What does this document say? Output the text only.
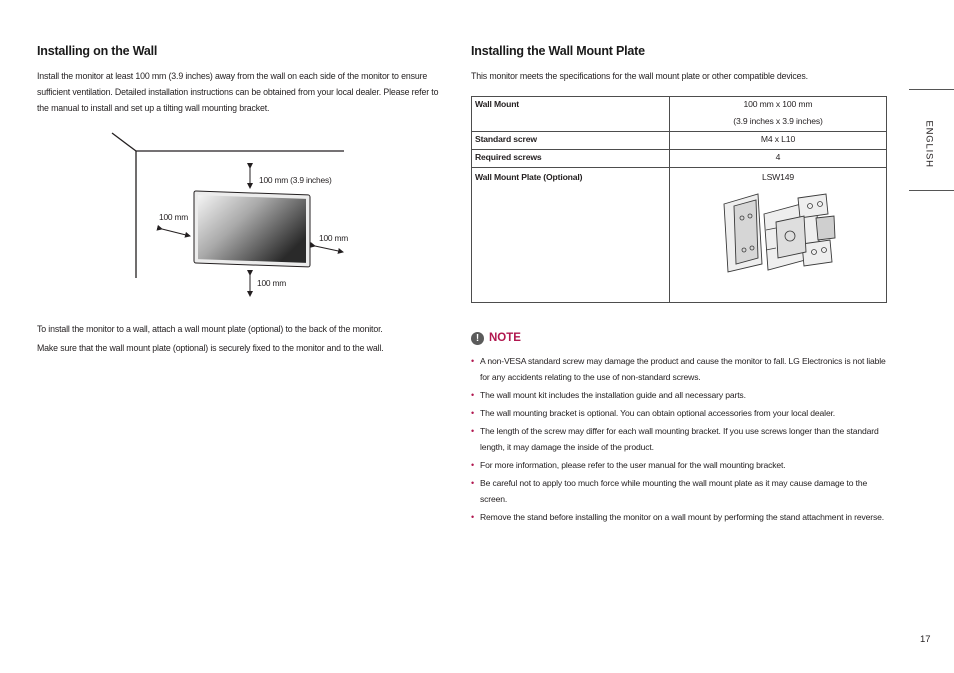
Installing on the Wall
Install the monitor at least 100 mm (3.9 inches) away from the wall on each side of the monitor to ensure
sufficient ventilation. Detailed installation instructions can be obtained from your local dealer. Please refer to
the manual to install and set up a tilting wall mounting bracket.
100 mm (3.9 inches)
100 mm
100 mm
100 mm
To install the monitor to a wall, attach a wall mount plate (optional) to the back of the monitor.
Make sure that the wall mount plate (optional) is securely fixed to the monitor and to the wall.
Installing the Wall Mount Plate
This monitor meets the specifications for the wall mount plate or other compatible devices.
Wall Mount	100 mm x 100 mm
(3.9 inches x 3.9 inches)

Standard screw	M4 x L10

Required screws	4

Wall Mount Plate (Optional)	LSW149
! NOTE
• A non-VESA standard screw may damage the product and cause the monitor to fall. LG Electronics is not liable for any accidents relating to the use of non-standard screws.
• The wall mount kit includes the installation guide and all necessary parts.
• The wall mounting bracket is optional. You can obtain optional accessories from your local dealer.
• The length of the screw may differ for each wall mounting bracket. If you use screws longer than the standard length, it may damage the inside of the product.
• For more information, please refer to the user manual for the wall mounting bracket.
• Be careful not to apply too much force while mounting the wall mount plate as it may cause damage to the screen.
• Remove the stand before installing the monitor on a wall mount by performing the stand attachment in reverse.
ENGLISH
17
